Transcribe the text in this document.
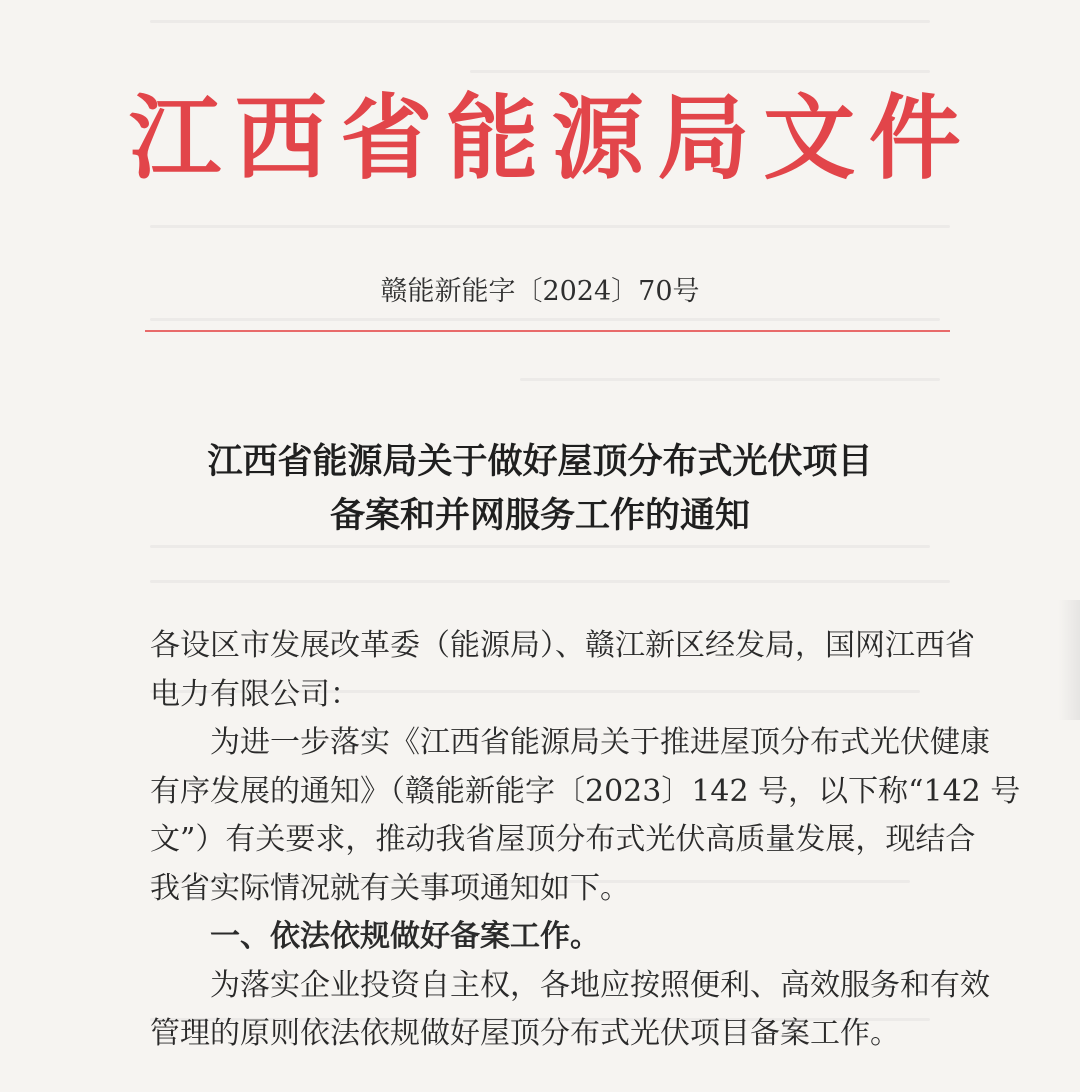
江 西 省 能 源 局 文 件
赣能新能字〔2024〕70号
江西省能源局关于做好屋顶分布式光伏项目
备案和并网服务工作的通知
各设区市发展改革委（能源局）、赣江新区经发局，国网江西省
电力有限公司：
为进一步落实《江西省能源局关于推进屋顶分布式光伏健康
有序发展的通知》（赣能新能字〔2023〕142 号，以下称“142 号
文”）有关要求，推动我省屋顶分布式光伏高质量发展，现结合
我省实际情况就有关事项通知如下。
一、依法依规做好备案工作。
为落实企业投资自主权，各地应按照便利、高效服务和有效
管理的原则依法依规做好屋顶分布式光伏项目备案工作。
